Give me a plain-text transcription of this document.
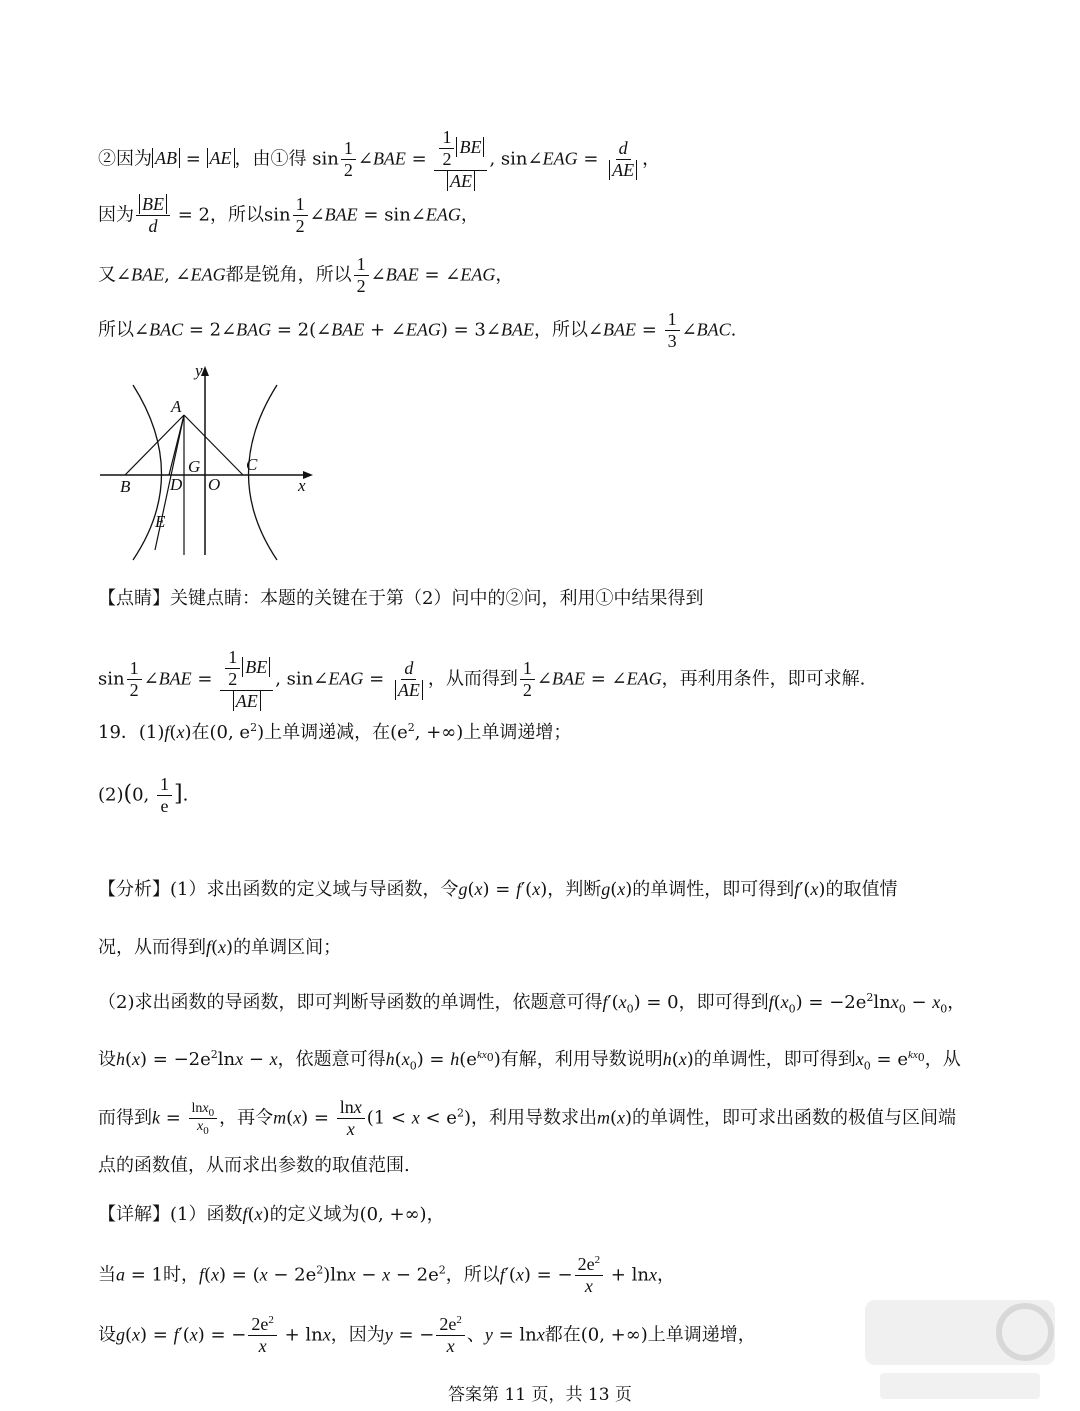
②因为 AB = AE ，由①得 $\sin \frac{1}{2}$ ∠BAE = $\frac{\frac{1}{2} BE}{AE}$ , sin∠EAG = $\frac{d}{AE}$ ，
因为 $\frac{BE}{d} = 2$，所以$\sin \frac{1}{2}$ ∠BAE = sin∠EAG，
又∠BAE, ∠EAG都是锐角，所以 $\frac{1}{2}$ ∠BAE = ∠EAG，
所以∠BAC = 2∠BAG = 2(∠BAE + ∠EAG) = 3∠BAE，所以∠BAE = $\frac{1}{3}$ ∠BAC.
y
x
A
B
C
D
E
G
O
【点睛】关键点睛：本题的关键在于第（2）问中的②问，利用①中结果得到
$\sin \frac{1}{2}$ ∠BAE = $\frac{\frac{1}{2} BE}{AE}$ , sin∠EAG = $\frac{d}{AE}$ ，从而得到 $\frac{1}{2}$ ∠BAE = ∠EAG，再利用条件，即可求解.
19．(1)f(x)在(0, $e^2$)上单调递减，在($e^2$, +∞)上单调递增；
(2)(0, $\frac{1}{e}$ ].
【分析】(1）求出函数的定义域与导函数，令g(x) = f′(x)，判断g(x)的单调性，即可得到f′(x)的取值情
况，从而得到f(x)的单调区间；
（2)求出函数的导函数，即可判断导函数的单调性，依题意可得$f'(x_0) = 0$，即可得到$f(x_0) = -2e^2\ln x_0 - x_0$，
设$h(x) = -2e^2\ln x - x$，依题意可得$h(x_0) = h(e^{kx_0})$有解，利用导数说明h(x)的单调性，即可得到$x_0 = e^{kx_0}$，从
而得到$k = \frac{\ln x_0}{x_0}$ ，再令$m(x) = \frac{\ln x}{x} (1 < x < e^2)$，利用导数求出m(x)的单调性，即可求出函数的极值与区间端
点的函数值，从而求出参数的取值范围.
【详解】(1）函数f(x)的定义域为(0, +∞)，
当a = 1时，$f(x) = (x - 2e^2)\ln x - x - 2e^2$，所以f′(x) = − $\frac{2e^2}{x} + \ln x$，
设g(x) = f′(x) = − $\frac{2e^2}{x} + \ln x$，因为y = − $\frac{2e^2}{x}$ 、y = lnx都在(0, +∞)上单调递增，
答案第 11 页，共 13 页
